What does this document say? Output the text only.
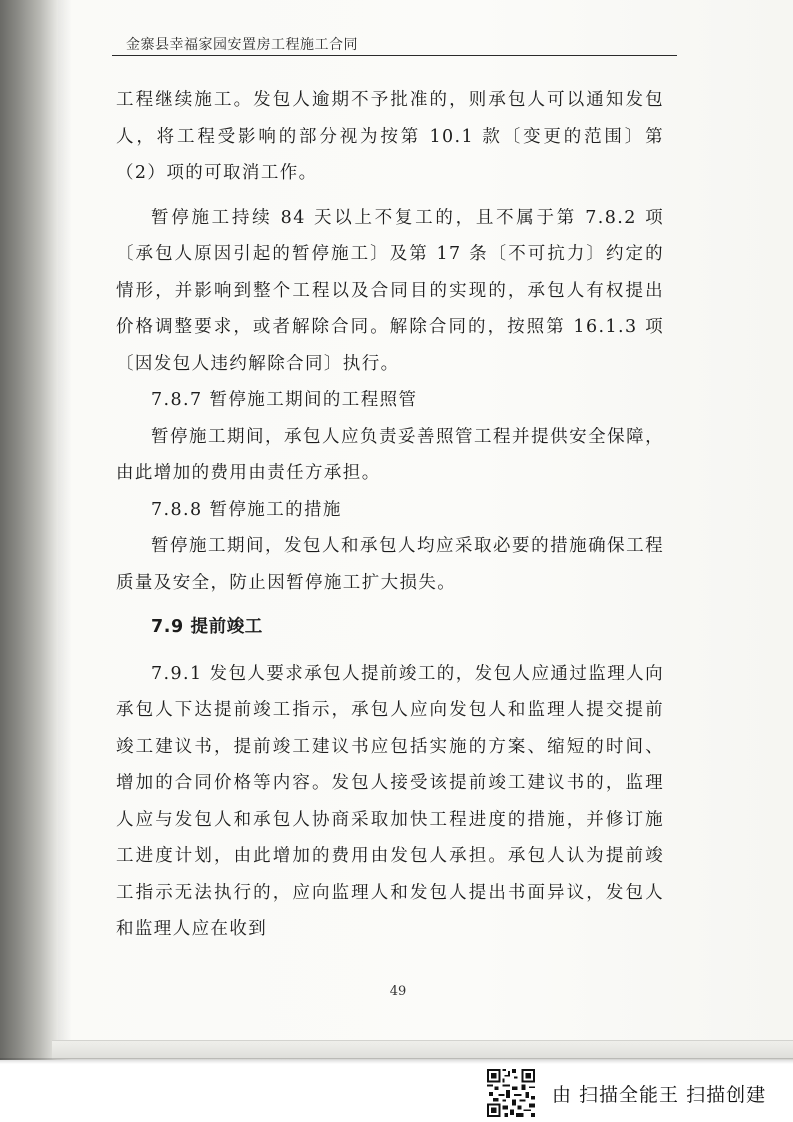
金寨县幸福家园安置房工程施工合同

工程继续施工。发包人逾期不予批准的，则承包人可以通知发包人，将工程受影响的部分视为按第 10.1 款〔变更的范围〕第（2）项的可取消工作。

暂停施工持续 84 天以上不复工的，且不属于第 7.8.2 项〔承包人原因引起的暂停施工〕及第 17 条〔不可抗力〕约定的情形，并影响到整个工程以及合同目的实现的，承包人有权提出价格调整要求，或者解除合同。解除合同的，按照第 16.1.3 项〔因发包人违约解除合同〕执行。

7.8.7 暂停施工期间的工程照管

暂停施工期间，承包人应负责妥善照管工程并提供安全保障，由此增加的费用由责任方承担。

7.8.8 暂停施工的措施

暂停施工期间，发包人和承包人均应采取必要的措施确保工程质量及安全，防止因暂停施工扩大损失。

7.9 提前竣工

7.9.1 发包人要求承包人提前竣工的，发包人应通过监理人向承包人下达提前竣工指示，承包人应向发包人和监理人提交提前竣工建议书，提前竣工建议书应包括实施的方案、缩短的时间、增加的合同价格等内容。发包人接受该提前竣工建议书的，监理人应与发包人和承包人协商采取加快工程进度的措施，并修订施工进度计划，由此增加的费用由发包人承担。承包人认为提前竣工指示无法执行的，应向监理人和发包人提出书面异议，发包人和监理人应在收到

49
由 扫描全能王 扫描创建
